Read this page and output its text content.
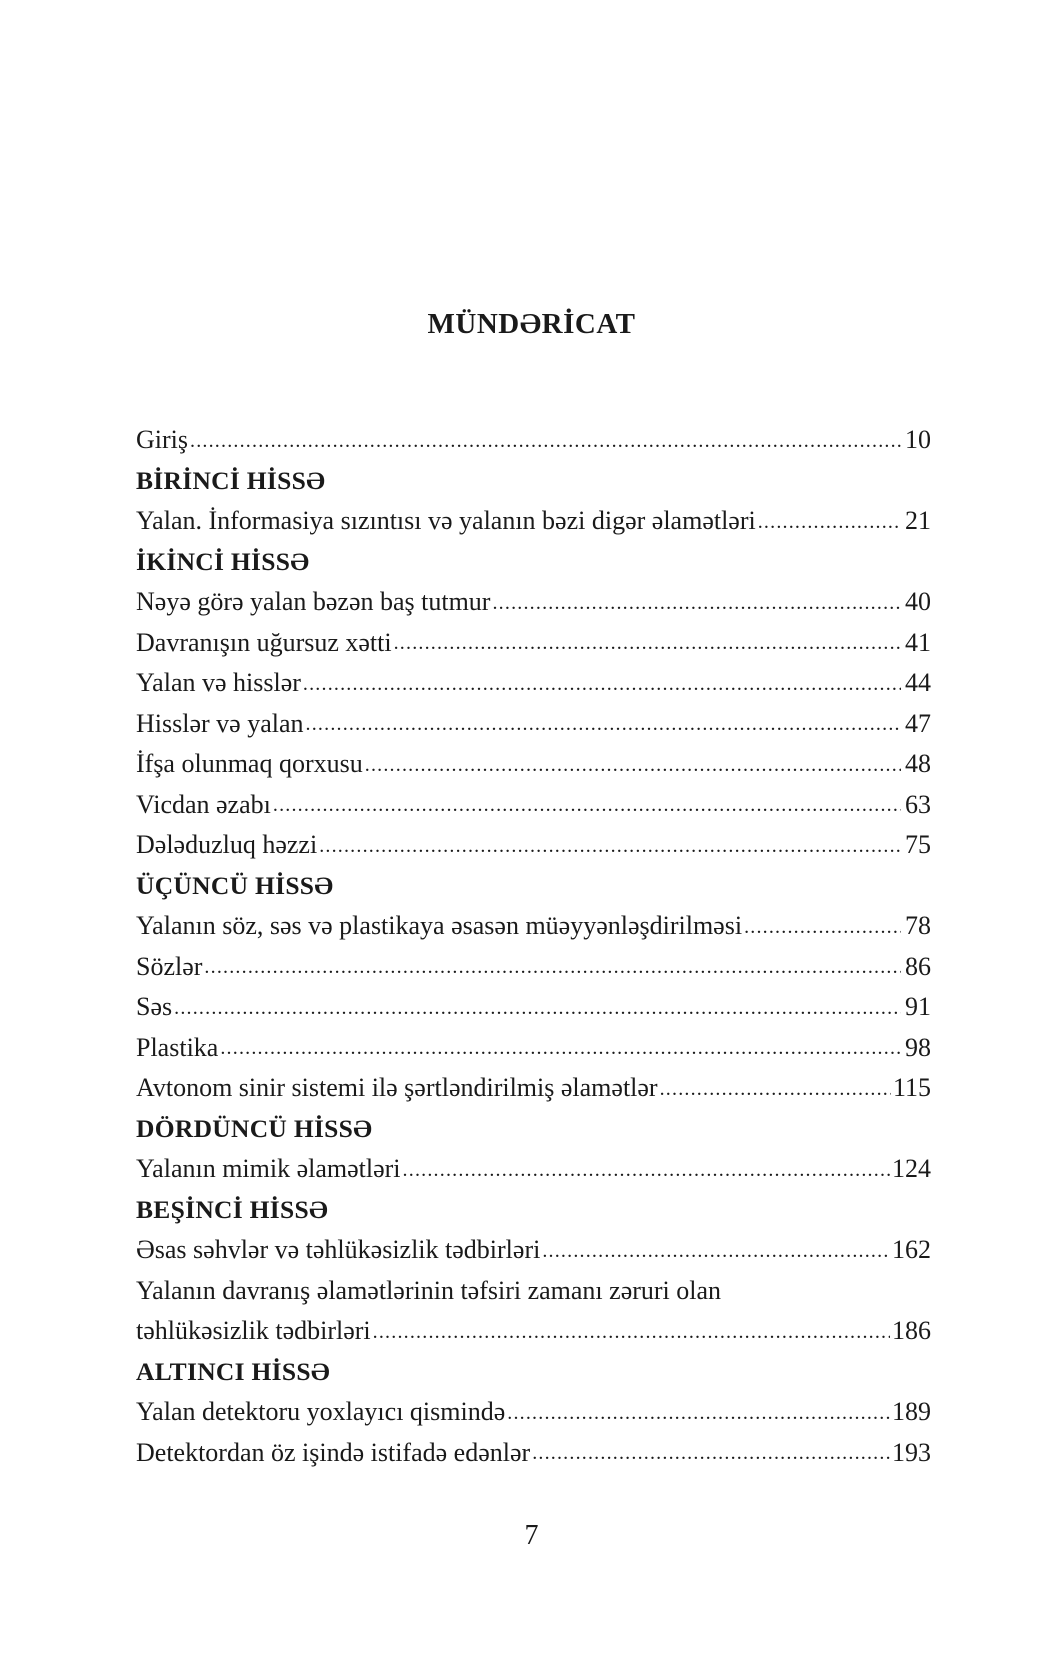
MÜNDƏRİCAT
Giriş .....	10
BİRİNCİ HİSSƏ
Yalan. İnformasiya sızıntısı və yalanın bəzi digər əlamətləri .....	21
İKİNCİ HİSSƏ
Nəyə görə yalan bəzən baş tutmur .....	40
Davranışın uğursuz xətti .....	41
Yalan və hisslər .....	44
Hisslər və yalan .....	47
İfşa olunmaq qorxusu .....	48
Vicdan əzabı .....	63
Dələduzluq həzzi .....	75
ÜÇÜNCÜ HİSSƏ
Yalanın söz, səs və plastikaya əsasən müəyyənləşdirilməsi .....	78
Sözlər .....	86
Səs .....	91
Plastika .....	98
Avtonom sinir sistemi ilə şərtləndirilmiş əlamətlər .....	115
DÖRDÜNCÜ HİSSƏ
Yalanın mimik əlamətləri .....	124
BEŞİNCİ HİSSƏ
Əsas səhvlər və təhlükəsizlik tədbirləri .....	162
Yalanın davranış əlamətlərinin təfsiri zamanı zəruri olan
təhlükəsizlik tədbirləri .....	186
ALTINCI HİSSƏ
Yalan detektoru yoxlayıcı qismində .....	189
Detektordan öz işində istifadə edənlər .....	193
7
